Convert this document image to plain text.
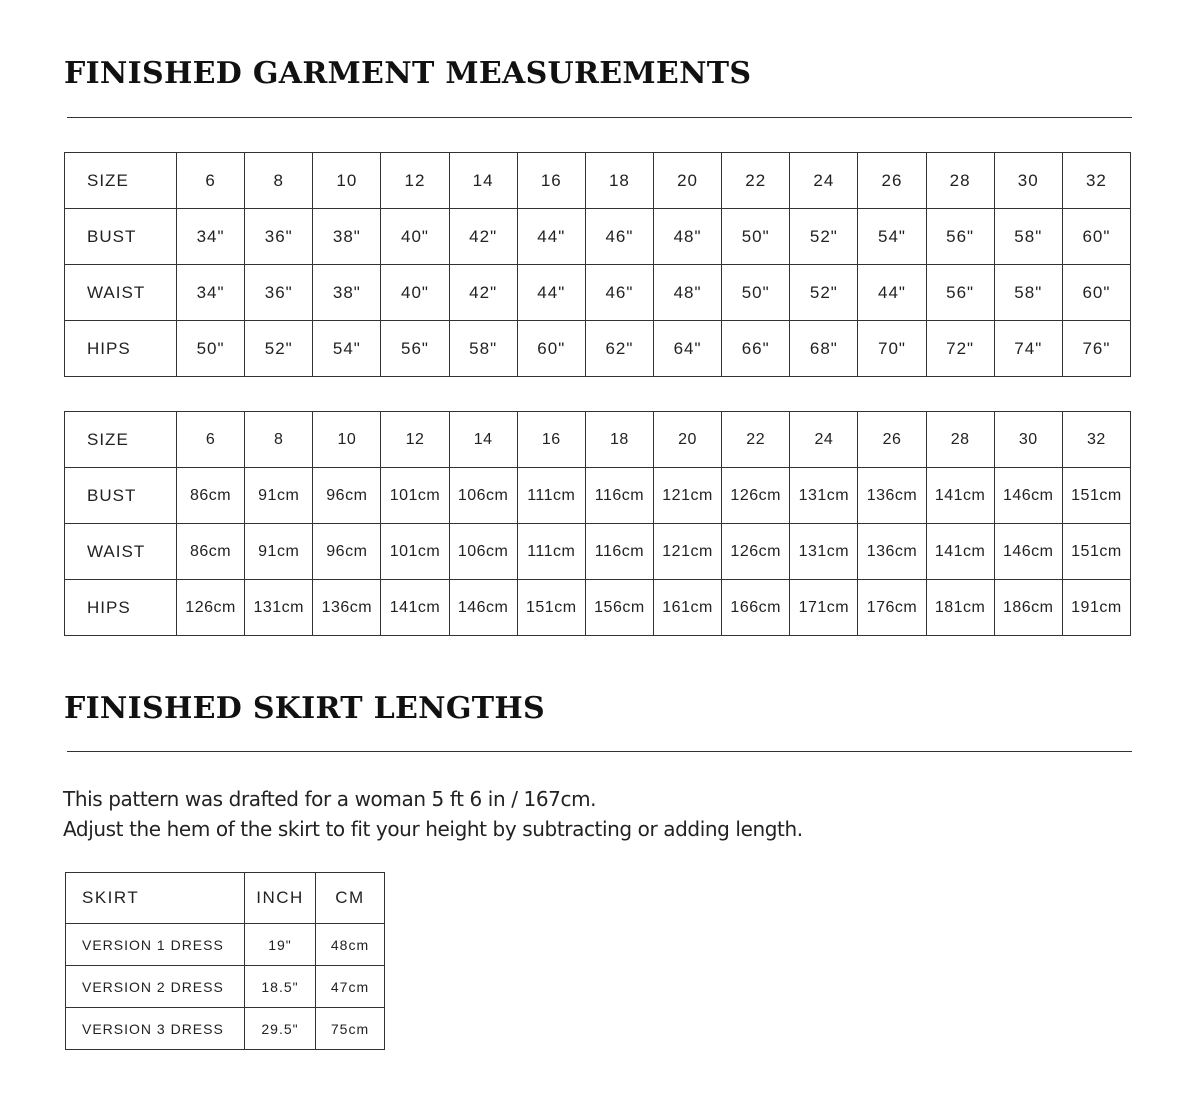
FINISHED GARMENT MEASUREMENTS
SIZE	6	8	10	12	14	16	18	20	22	24	26	28	30	32
BUST	34"	36"	38"	40"	42"	44"	46"	48"	50"	52"	54"	56"	58"	60"
WAIST	34"	36"	38"	40"	42"	44"	46"	48"	50"	52"	44"	56"	58"	60"
HIPS	50"	52"	54"	56"	58"	60"	62"	64"	66"	68"	70"	72"	74"	76"
SIZE	6	8	10	12	14	16	18	20	22	24	26	28	30	32
BUST	86cm	91cm	96cm	101cm	106cm	111cm	116cm	121cm	126cm	131cm	136cm	141cm	146cm	151cm
WAIST	86cm	91cm	96cm	101cm	106cm	111cm	116cm	121cm	126cm	131cm	136cm	141cm	146cm	151cm
HIPS	126cm	131cm	136cm	141cm	146cm	151cm	156cm	161cm	166cm	171cm	176cm	181cm	186cm	191cm
FINISHED SKIRT LENGTHS

This pattern was drafted for a woman 5 ft 6 in / 167cm.
Adjust the hem of the skirt to fit your height by subtracting or adding length.

SKIRT	INCH	CM
VERSION 1 DRESS	19"	48cm
VERSION 2 DRESS	18.5"	47cm
VERSION 3 DRESS	29.5"	75cm
